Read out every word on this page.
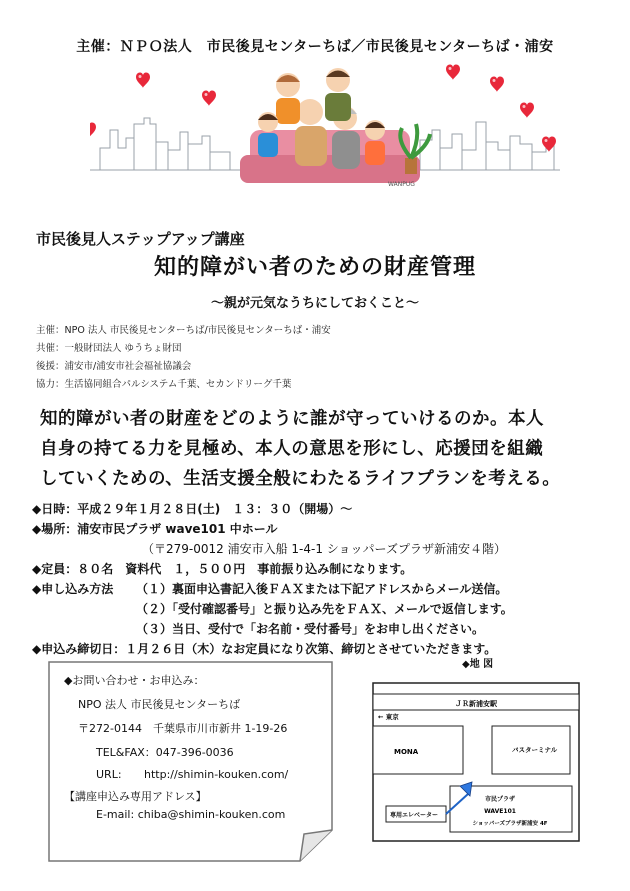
主催：ＮＰＯ法人　市民後見センターちば／市民後見センターちば・浦安
WANPUG
市民後見人ステップアップ講座
知的障がい者のための財産管理
～親が元気なうちにしておくこと～
主催：NPO 法人 市民後見センターちば/市民後見センターちば・浦安
共催：一般財団法人 ゆうちょ財団
後援：浦安市/浦安市社会福祉協議会
協力：生活協同組合パルシステム千葉、セカンドリーグ千葉
知的障がい者の財産をどのように誰が守っていけるのか。本人
自身の持てる力を見極め、本人の意思を形にし、応援団を組織
していくための、生活支援全般にわたるライフプランを考える。
◆日時：平成２９年１月２８日(土)　１３：３０（開場）～
◆場所：浦安市民プラザ wave101 中ホール
（〒279-0012 浦安市入船 1-4-1 ショッパーズプラザ新浦安４階）
◆定員：８０名　資料代　１，５００円　事前振り込み制になります。
◆申し込み方法 （１）裏面申込書記入後ＦＡＸまたは下記アドレスからメール送信。
（２）「受付確認番号」と振り込み先をＦＡＸ、メールで返信します。
（３）当日、受付で「お名前・受付番号」をお申し出ください。
◆申込み締切日：１月２６日（木）なお定員になり次第、締切とさせていただきます。
◆地 図
◆お問い合わせ・お申込み：
NPO 法人 市民後見センターちば
〒272-0144　千葉県市川市新井 1-19-26
TEL&FAX：047-396-0036
URL: http://shimin-kouken.com/
【講座申込み専用アドレス】
E-mail: chiba@shimin-kouken.com
ＪＲ新浦安駅
← 東京
MONA	バスターミナル
専用エレベーター
市民プラザ
WAVE101
ショッパーズプラザ新浦安 4F
